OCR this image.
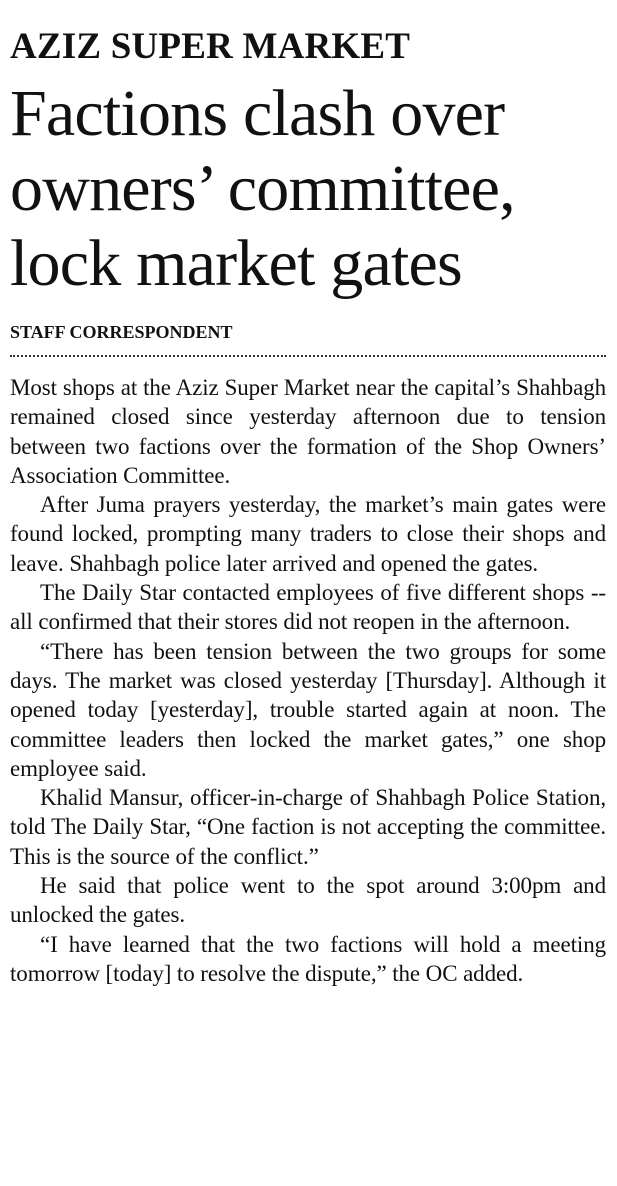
AZIZ SUPER MARKET
Factions clash over
owners’ committee,
lock market gates
STAFF CORRESPONDENT

Most shops at the Aziz Super Market near the capital’s Shahbagh remained closed since yesterday afternoon due to tension between two factions over the formation of the Shop Owners’ Association Committee.

After Juma prayers yesterday, the market’s main gates were found locked, prompting many traders to close their shops and leave. Shahbagh police later arrived and opened the gates.

The Daily Star contacted employees of five different shops -- all confirmed that their stores did not reopen in the afternoon.

“There has been tension between the two groups for some days. The market was closed yesterday [Thursday]. Although it opened today [yesterday], trouble started again at noon. The committee leaders then locked the market gates,” one shop employee said.

Khalid Mansur, officer-in-charge of Shahbagh Police Station, told The Daily Star, “One faction is not accepting the committee. This is the source of the conflict.”

He said that police went to the spot around 3:00pm and unlocked the gates.

“I have learned that the two factions will hold a meeting tomorrow [today] to resolve the dispute,” the OC added.
